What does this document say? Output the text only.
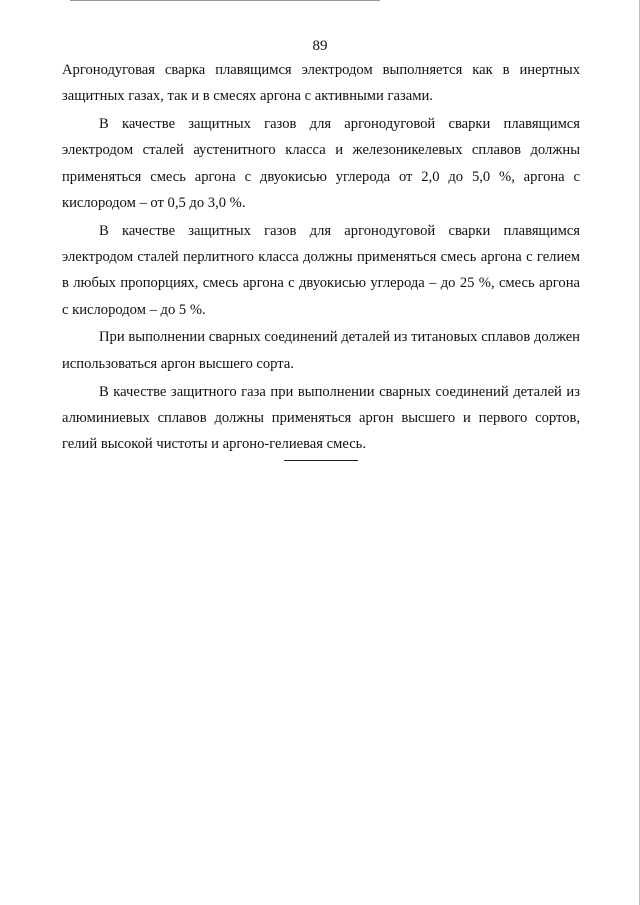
89

Аргонодуговая сварка плавящимся электродом выполняется как в инертных защитных газах, так и в смесях аргона с активными газами.

В качестве защитных газов для аргонодуговой сварки плавящимся электродом сталей аустенитного класса и железоникелевых сплавов должны применяться смесь аргона с двуокисью углерода от 2,0 до 5,0 %, аргона с кислородом – от 0,5 до 3,0 %.

В качестве защитных газов для аргонодуговой сварки плавящимся электродом сталей перлитного класса должны применяться смесь аргона с гелием в любых пропорциях, смесь аргона с двуокисью углерода – до 25 %, смесь аргона с кислородом – до 5 %.

При выполнении сварных соединений деталей из титановых сплавов должен использоваться аргон высшего сорта.

В качестве защитного газа при выполнении сварных соединений деталей из алюминиевых сплавов должны применяться аргон высшего и первого сортов, гелий высокой чистоты и аргоно-гелиевая смесь.
